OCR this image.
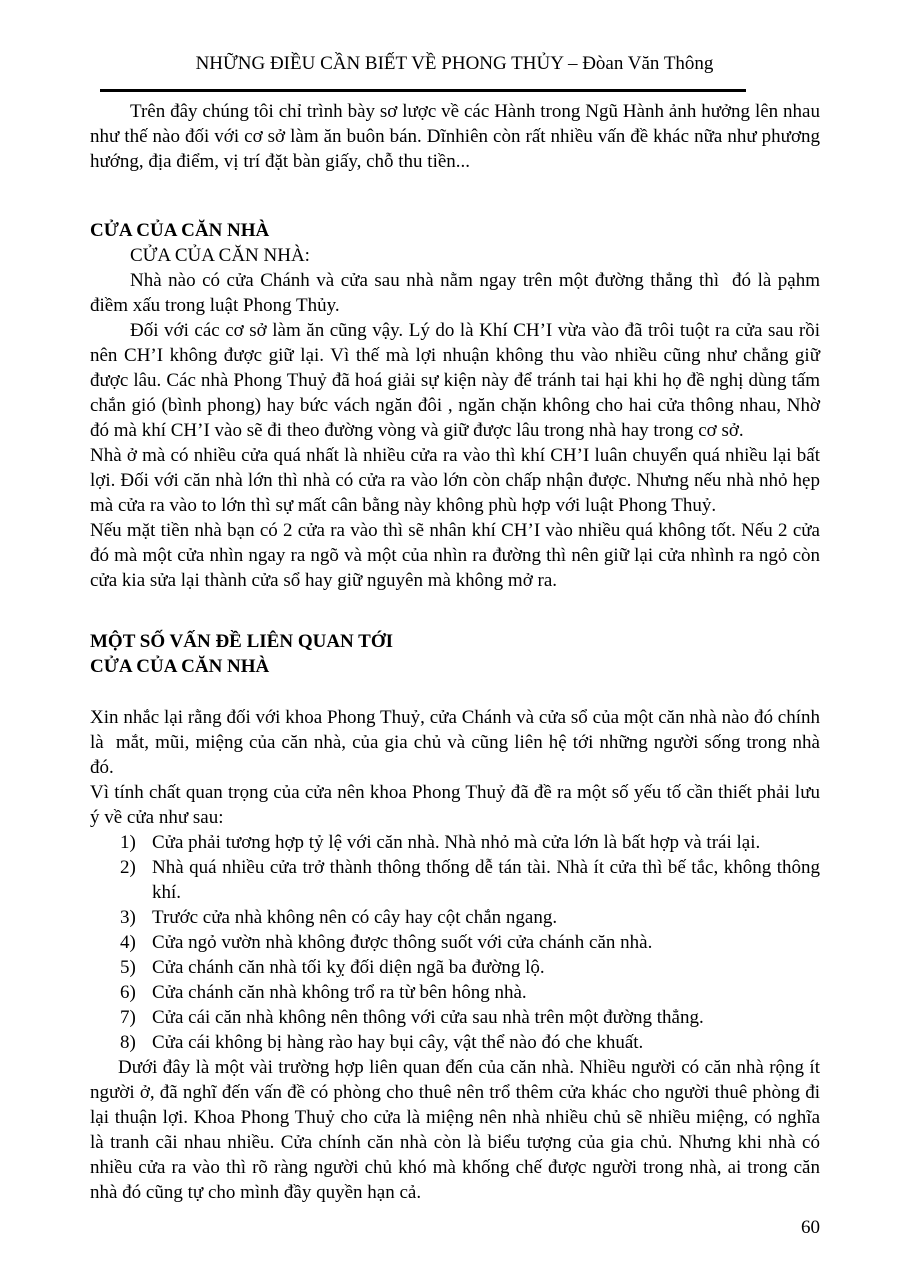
NHỮNG ĐIỀU CẦN BIẾT VỀ PHONG THỦY – Đòan Văn Thông

Trên đây chúng tôi chỉ trình bày sơ lược về các Hành trong Ngũ Hành ảnh hưởng lên nhau như thế nào đối với cơ sở làm ăn buôn bán. Dĩnhiên còn rất nhiều vấn đề khác nữa như phương hướng, địa điểm, vị trí đặt bàn giấy, chỗ thu tiền...

CỬA CỦA CĂN NHÀ

CỬA CỦA CĂN NHÀ:

Nhà nào có cửa Chánh và cửa sau nhà nằm ngay trên một đường thẳng thì  đó là pạhm điềm xấu trong luật Phong Thủy.

Đối với các cơ sở làm ăn cũng vậy. Lý do là Khí CH’I vừa vào đã trôi tuột ra cửa sau rồi nên CH’I không được giữ lại. Vì thế mà lợi nhuận không thu vào nhiều cũng như chẳng giữ được lâu. Các nhà Phong Thuỷ đã hoá giải sự kiện này để tránh tai hại khi họ đề nghị dùng tấm chắn gió (bình phong) hay bức vách ngăn đôi , ngăn chặn không cho hai cửa thông nhau, Nhờ đó mà khí CH’I vào sẽ đi theo đường vòng và giữ được lâu trong nhà hay trong cơ sở.

Nhà ở mà có nhiều cửa quá nhất là nhiều cửa ra vào thì khí CH’I luân chuyển quá nhiều lại bất lợi. Đối với căn nhà lớn thì nhà có cửa ra vào lớn còn chấp nhận được. Nhưng nếu nhà nhỏ hẹp mà cửa ra vào to lớn thì sự mất cân bằng này không phù hợp với luật Phong Thuỷ.

Nếu mặt tiền nhà bạn có 2 cửa ra vào thì sẽ nhân khí CH’I vào nhiều quá không tốt. Nếu 2 cửa đó mà một cửa nhìn ngay ra ngõ và một của nhìn ra đường thì nên giữ lại cửa nhình ra ngỏ còn cửa kia sửa lại thành cửa sổ hay giữ nguyên mà không mở ra.

MỘT SỐ VẤN ĐỀ LIÊN QUAN TỚI
CỬA CỦA CĂN NHÀ

Xin nhắc lại rằng đối với khoa Phong Thuỷ, cửa Chánh và cửa sổ của một căn nhà nào đó chính là  mắt, mũi, miệng của căn nhà, của gia chủ và cũng liên hệ tới những người sống trong nhà đó.

Vì tính chất quan trọng của cửa nên khoa Phong Thuỷ đã đề ra một số yếu tố cần thiết phải lưu ý về cửa như sau:

1) Cửa phải tương hợp tỷ lệ với căn nhà. Nhà nhỏ mà cửa lớn là bất hợp và trái lại.
2) Nhà quá nhiều cửa trở thành thông thống dễ tán tài. Nhà ít cửa thì bế tắc, không thông khí.
3) Trước cửa nhà không nên có cây hay cột chắn ngang.
4) Cửa ngỏ vườn nhà không được thông suốt với cửa chánh căn nhà.
5) Cửa chánh căn nhà tối kỵ đối diện ngã ba đường lộ.
6) Cửa chánh căn nhà không trổ ra từ bên hông nhà.
7) Cửa cái căn nhà không nên thông với cửa sau nhà trên một đường thẳng.
8) Cửa cái không bị hàng rào hay bụi cây, vật thể nào đó che khuất.

Dưới đây là một vài trường hợp liên quan đến của căn nhà. Nhiều người có căn nhà rộng ít người ở, đã nghĩ đến vấn đề có phòng cho thuê nên trổ thêm cửa khác cho người thuê phòng đi lại thuận lợi. Khoa Phong Thuỷ cho cửa là miệng nên nhà nhiều chủ sẽ nhiều miệng, có nghĩa là tranh cãi nhau nhiều. Cửa chính căn nhà còn là biểu tượng của gia chủ. Nhưng khi nhà có nhiều cửa ra vào thì rõ ràng người chủ khó mà khống chế được người trong nhà, ai trong căn nhà đó cũng tự cho mình đầy quyền hạn cả.

60
